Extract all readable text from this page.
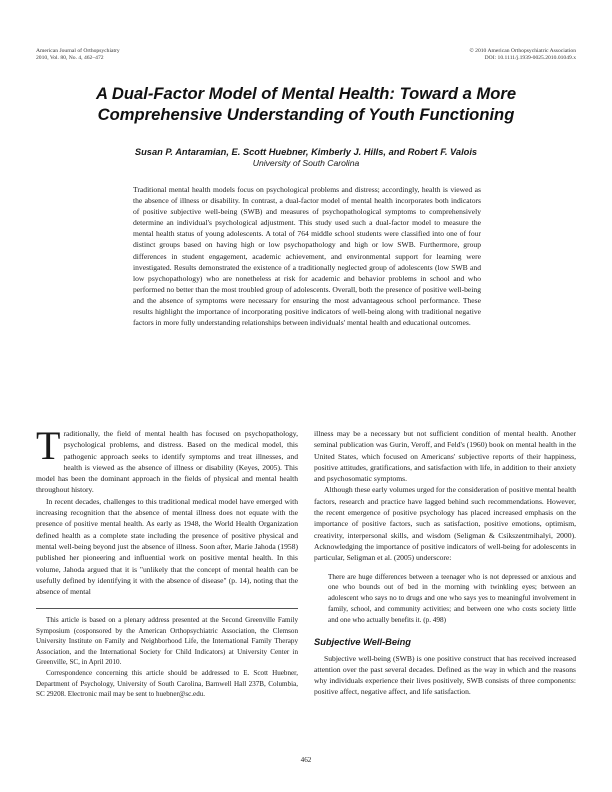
American Journal of Orthopsychiatry
2010, Vol. 80, No. 4, 462–472
© 2010 American Orthopsychiatric Association
DOI: 10.1111/j.1939-0025.2010.01049.x
A Dual-Factor Model of Mental Health: Toward a More
Comprehensive Understanding of Youth Functioning
Susan P. Antaramian, E. Scott Huebner, Kimberly J. Hills, and Robert F. Valois
University of South Carolina
Traditional mental health models focus on psychological problems and distress; accordingly, health is viewed as the absence of illness or disability. In contrast, a dual-factor model of mental health incorporates both indicators of positive subjective well-being (SWB) and measures of psychopathological symptoms to comprehensively determine an individual's psychological adjustment. This study used such a dual-factor model to measure the mental health status of young adolescents. A total of 764 middle school students were classified into one of four distinct groups based on having high or low psychopathology and high or low SWB. Furthermore, group differences in student engagement, academic achievement, and environmental support for learning were investigated. Results demonstrated the existence of a traditionally neglected group of adolescents (low SWB and low psychopathology) who are nonetheless at risk for academic and behavior problems in school and who performed no better than the most troubled group of adolescents. Overall, both the presence of positive well-being and the absence of symptoms were necessary for ensuring the most advantageous school performance. These results highlight the importance of incorporating positive indicators of well-being along with traditional negative factors in more fully understanding relationships between individuals' mental health and educational outcomes.

Traditionally, the field of mental health has focused on psychopathology, psychological problems, and distress. Based on the medical model, this pathogenic approach seeks to identify symptoms and treat illnesses, and health is viewed as the absence of illness or disability (Keyes, 2005). This model has been the dominant approach in the fields of physical and mental health throughout history.

In recent decades, challenges to this traditional medical model have emerged with increasing recognition that the absence of mental illness does not equate with the presence of positive mental health. As early as 1948, the World Health Organization defined health as a complete state including the presence of positive physical and mental well-being beyond just the absence of illness. Soon after, Marie Jahoda (1958) published her pioneering and influential work on positive mental health. In this volume, Jahoda argued that it is "unlikely that the concept of mental health can be usefully defined by identifying it with the absence of disease" (p. 14), noting that the absence of mental

This article is based on a plenary address presented at the Second Greenville Family Symposium (cosponsored by the American Orthopsychiatric Association, the Clemson University Institute on Family and Neighborhood Life, the International Family Therapy Association, and the International Society for Child Indicators) at University Center in Greenville, SC, in April 2010.

Correspondence concerning this article should be addressed to E. Scott Huebner, Department of Psychology, University of South Carolina, Barnwell Hall 237B, Columbia, SC 29208. Electronic mail may be sent to huebner@sc.edu.

illness may be a necessary but not sufficient condition of mental health. Another seminal publication was Gurin, Veroff, and Feld's (1960) book on mental health in the United States, which focused on Americans' subjective reports of their happiness, positive attitudes, gratifications, and satisfaction with life, in addition to their anxiety and psychosomatic symptoms.

Although these early volumes urged for the consideration of positive mental health factors, research and practice have lagged behind such recommendations. However, the recent emergence of positive psychology has placed increased emphasis on the importance of positive factors, such as satisfaction, positive emotions, optimism, creativity, interpersonal skills, and wisdom (Seligman & Csikszentmihalyi, 2000). Acknowledging the importance of positive indicators of well-being for adolescents in particular, Seligman et al. (2005) underscore:

There are huge differences between a teenager who is not depressed or anxious and one who bounds out of bed in the morning with twinkling eyes; between an adolescent who says no to drugs and one who says yes to meaningful involvement in family, school, and community activities; and between one who costs society little and one who actually benefits it. (p. 498)

Subjective Well-Being

Subjective well-being (SWB) is one positive construct that has received increased attention over the past several decades. Defined as the way in which and the reasons why individuals experience their lives positively, SWB consists of three components: positive affect, negative affect, and life satisfaction.

462
